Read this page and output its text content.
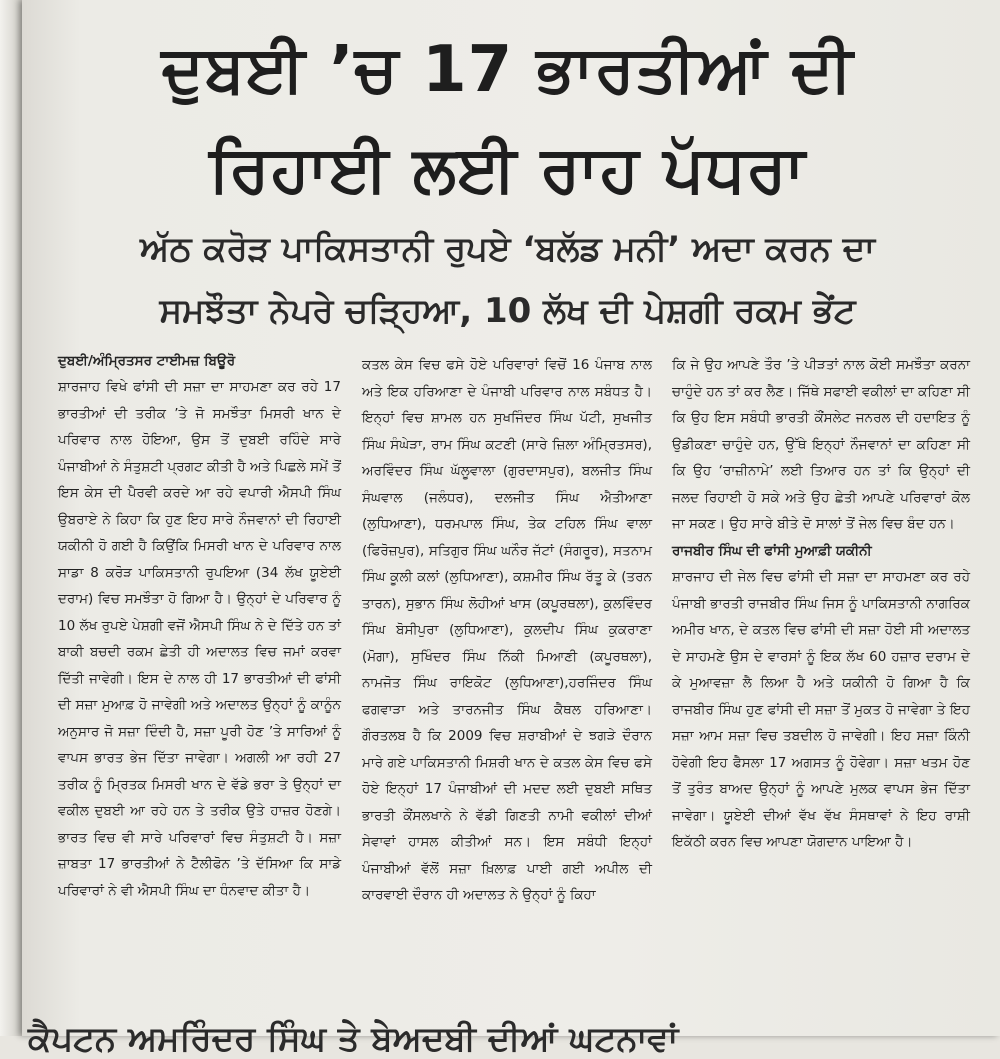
ਦੁਬਈ ’ਚ 17 ਭਾਰਤੀਆਂ ਦੀ
ਰਿਹਾਈ ਲਈ ਰਾਹ ਪੱਧਰਾ
ਅੱਠ ਕਰੋੜ ਪਾਕਿਸਤਾਨੀ ਰੁਪਏ ‘ਬਲੱਡ ਮਨੀ’ ਅਦਾ ਕਰਨ ਦਾ
ਸਮਝੌਤਾ ਨੇਪਰੇ ਚੜ੍ਹਿਆ, 10 ਲੱਖ ਦੀ ਪੇਸ਼ਗੀ ਰਕਮ ਭੇਂਟ
ਦੁਬਈ/ਅੰਮ੍ਰਿਤਸਰ ਟਾਈਮਜ਼ ਬਿਊਰੋ

ਸ਼ਾਰਜਾਹ ਵਿਖੇ ਫਾਂਸੀ ਦੀ ਸਜ਼ਾ ਦਾ ਸਾਹਮਣਾ ਕਰ ਰਹੇ 17 ਭਾਰਤੀਆਂ ਦੀ ਤਰੀਕ ’ਤੇ ਜੋ ਸਮਝੌਤਾ ਮਿਸਰੀ ਖਾਨ ਦੇ ਪਰਿਵਾਰ ਨਾਲ ਹੋਇਆ, ਉਸ ਤੋਂ ਦੁਬਈ ਰਹਿੰਦੇ ਸਾਰੇ ਪੰਜਾਬੀਆਂ ਨੇ ਸੰਤੁਸ਼ਟੀ ਪ੍ਰਗਟ ਕੀਤੀ ਹੈ ਅਤੇ ਪਿਛਲੇ ਸਮੇਂ ਤੋਂ ਇਸ ਕੇਸ ਦੀ ਪੈਰਵੀ ਕਰਦੇ ਆ ਰਹੇ ਵਪਾਰੀ ਐਸਪੀ ਸਿੰਘ ਉਬਰਾਏ ਨੇ ਕਿਹਾ ਕਿ ਹੁਣ ਇਹ ਸਾਰੇ ਨੌਜਵਾਨਾਂ ਦੀ ਰਿਹਾਈ ਯਕੀਨੀ ਹੋ ਗਈ ਹੈ ਕਿਉਂਕਿ ਮਿਸਰੀ ਖਾਨ ਦੇ ਪਰਿਵਾਰ ਨਾਲ ਸਾਡਾ 8 ਕਰੋੜ ਪਾਕਿਸਤਾਨੀ ਰੁਪਇਆ (34 ਲੱਖ ਯੂਏਈ ਦਰਾਮ) ਵਿਚ ਸਮਝੌਤਾ ਹੋ ਗਿਆ ਹੈ। ਉਨ੍ਹਾਂ ਦੇ ਪਰਿਵਾਰ ਨੂੰ 10 ਲੱਖ ਰੁਪਏ ਪੇਸ਼ਗੀ ਵਜੋਂ ਐਸਪੀ ਸਿੰਘ ਨੇ ਦੇ ਦਿੱਤੇ ਹਨ ਤਾਂ ਬਾਕੀ ਬਚਦੀ ਰਕਮ ਛੇਤੀ ਹੀ ਅਦਾਲਤ ਵਿਚ ਜਮਾਂ ਕਰਵਾ ਦਿੱਤੀ ਜਾਵੇਗੀ। ਇਸ ਦੇ ਨਾਲ ਹੀ 17 ਭਾਰਤੀਆਂ ਦੀ ਫਾਂਸੀ ਦੀ ਸਜ਼ਾ ਮੁਆਫ਼ ਹੋ ਜਾਵੇਗੀ ਅਤੇ ਅਦਾਲਤ ਉਨ੍ਹਾਂ ਨੂੰ ਕਾਨੂੰਨ ਅਨੁਸਾਰ ਜੋ ਸਜ਼ਾ ਦਿੰਦੀ ਹੈ, ਸਜ਼ਾ ਪੂਰੀ ਹੋਣ ’ਤੇ ਸਾਰਿਆਂ ਨੂੰ ਵਾਪਸ ਭਾਰਤ ਭੇਜ ਦਿੱਤਾ ਜਾਵੇਗਾ। ਅਗਲੀ ਆ ਰਹੀ 27 ਤਰੀਕ ਨੂੰ ਮ੍ਰਿਤਕ ਮਿਸਰੀ ਖਾਨ ਦੇ ਵੱਡੇ ਭਰਾ ਤੇ ਉਨ੍ਹਾਂ ਦਾ ਵਕੀਲ ਦੁਬਈ ਆ ਰਹੇ ਹਨ ਤੇ ਤਰੀਕ ਉਤੇ ਹਾਜ਼ਰ ਹੋਣਗੇ। ਭਾਰਤ ਵਿਚ ਵੀ ਸਾਰੇ ਪਰਿਵਾਰਾਂ ਵਿਚ ਸੰਤੁਸ਼ਟੀ ਹੈ। ਸਜ਼ਾ ਜ਼ਾਬਤਾ 17 ਭਾਰਤੀਆਂ ਨੇ ਟੈਲੀਫੋਨ ’ਤੇ ਦੱਸਿਆ ਕਿ ਸਾਡੇ ਪਰਿਵਾਰਾਂ ਨੇ ਵੀ ਐਸਪੀ ਸਿੰਘ ਦਾ ਧੰਨਵਾਦ ਕੀਤਾ ਹੈ।

ਕਤਲ ਕੇਸ ਵਿਚ ਫਸੇ ਹੋਏ ਪਰਿਵਾਰਾਂ ਵਿਚੋਂ 16 ਪੰਜਾਬ ਨਾਲ ਅਤੇ ਇਕ ਹਰਿਆਣਾ ਦੇ ਪੰਜਾਬੀ ਪਰਿਵਾਰ ਨਾਲ ਸਬੰਧਤ ਹੈ। ਇਨ੍ਹਾਂ ਵਿਚ ਸ਼ਾਮਲ ਹਨ ਸੁਖਜਿੰਦਰ ਸਿੰਘ ਪੱਟੀ, ਸੁਖਜੀਤ ਸਿੰਘ ਸੰਘੇੜਾ, ਰਾਮ ਸਿੰਘ ਕਟਣੀ (ਸਾਰੇ ਜ਼ਿਲਾ ਅੰਮ੍ਰਿਤਸਰ), ਅਰਵਿੰਦਰ ਸਿੰਘ ਘੱਲੂਵਾਲਾ (ਗੁਰਦਾਸਪੁਰ), ਬਲਜੀਤ ਸਿੰਘ ਸੰਘਵਾਲ (ਜਲੰਧਰ), ਦਲਜੀਤ ਸਿੰਘ ਐਤੀਆਣਾ (ਲੁਧਿਆਣਾ), ਧਰਮਪਾਲ ਸਿੰਘ, ਤੇਕ ਟਹਿਲ ਸਿੰਘ ਵਾਲਾ (ਫਿਰੋਜ਼ਪੁਰ), ਸਤਿਗੁਰ ਸਿੰਘ ਘਨੌਰ ਜੱਟਾਂ (ਸੰਗਰੂਰ), ਸਤਨਾਮ ਸਿੰਘ ਕੂਲੀ ਕਲਾਂ (ਲੁਧਿਆਣਾ), ਕਸ਼ਮੀਰ ਸਿੰਘ ਰੱਤੂ ਕੇ (ਤਰਨ ਤਾਰਨ), ਸੁਭਾਨ ਸਿੰਘ ਲੋਹੀਆਂ ਖਾਸ (ਕਪੂਰਥਲਾ), ਕੁਲਵਿੰਦਰ ਸਿੰਘ ਬੋਸੀਪੁਰਾ (ਲੁਧਿਆਣਾ), ਕੁਲਦੀਪ ਸਿੰਘ ਕੁਕਰਾਣਾ (ਮੋਗਾ), ਸੁਖਿੰਦਰ ਸਿੰਘ ਨਿੱਕੀ ਮਿਆਣੀ (ਕਪੂਰਥਲਾ), ਨਾਮਜੋਤ ਸਿੰਘ ਰਾਇਕੋਟ (ਲੁਧਿਆਣਾ),ਹਰਜਿੰਦਰ ਸਿੰਘ ਫਗਵਾੜਾ ਅਤੇ ਤਾਰਨਜੀਤ ਸਿੰਘ ਕੈਥਲ ਹਰਿਆਣਾ। ਗੌਰਤਲਬ ਹੈ ਕਿ 2009 ਵਿਚ ਸ਼ਰਾਬੀਆਂ ਦੇ ਝਗੜੇ ਦੌਰਾਨ ਮਾਰੇ ਗਏ ਪਾਕਿਸਤਾਨੀ ਮਿਸ਼ਰੀ ਖਾਨ ਦੇ ਕਤਲ ਕੇਸ ਵਿਚ ਫਸੇ ਹੋਏ ਇਨ੍ਹਾਂ 17 ਪੰਜਾਬੀਆਂ ਦੀ ਮਦਦ ਲਈ ਦੁਬਈ ਸਥਿਤ ਭਾਰਤੀ ਕੌਂਸਲਖਾਨੇ ਨੇ ਵੱਡੀ ਗਿਣਤੀ ਨਾਮੀ ਵਕੀਲਾਂ ਦੀਆਂ ਸੇਵਾਵਾਂ ਹਾਸਲ ਕੀਤੀਆਂ ਸਨ। ਇਸ ਸਬੰਧੀ ਇਨ੍ਹਾਂ ਪੰਜਾਬੀਆਂ ਵੱਲੋਂ ਸਜ਼ਾ ਖ਼ਿਲਾਫ਼ ਪਾਈ ਗਈ ਅਪੀਲ ਦੀ ਕਾਰਵਾਈ ਦੌਰਾਨ ਹੀ ਅਦਾਲਤ ਨੇ ਉਨ੍ਹਾਂ ਨੂੰ ਕਿਹਾ

ਕਿ ਜੇ ਉਹ ਆਪਣੇ ਤੌਰ ’ਤੇ ਪੀੜਤਾਂ ਨਾਲ ਕੋਈ ਸਮਝੌਤਾ ਕਰਨਾ ਚਾਹੁੰਦੇ ਹਨ ਤਾਂ ਕਰ ਲੈਣ। ਜਿੱਥੇ ਸਫਾਈ ਵਕੀਲਾਂ ਦਾ ਕਹਿਣਾ ਸੀ ਕਿ ਉਹ ਇਸ ਸਬੰਧੀ ਭਾਰਤੀ ਕੌਂਸਲੇਟ ਜਨਰਲ ਦੀ ਹਦਾਇਤ ਨੂੰ ਉਡੀਕਣਾ ਚਾਹੁੰਦੇ ਹਨ, ਉੱਥੇ ਇਨ੍ਹਾਂ ਨੌਜਵਾਨਾਂ ਦਾ ਕਹਿਣਾ ਸੀ ਕਿ ਉਹ ‘ਰਾਜ਼ੀਨਾਮੇ’ ਲਈ ਤਿਆਰ ਹਨ ਤਾਂ ਕਿ ਉਨ੍ਹਾਂ ਦੀ ਜਲਦ ਰਿਹਾਈ ਹੋ ਸਕੇ ਅਤੇ ਉਹ ਛੇਤੀ ਆਪਣੇ ਪਰਿਵਾਰਾਂ ਕੋਲ ਜਾ ਸਕਣ। ਉਹ ਸਾਰੇ ਬੀਤੇ ਦੋ ਸਾਲਾਂ ਤੋਂ ਜੇਲ ਵਿਚ ਬੰਦ ਹਨ।

ਰਾਜਬੀਰ ਸਿੰਘ ਦੀ ਫਾਂਸੀ ਮੁਆਫ਼ੀ ਯਕੀਨੀ

ਸ਼ਾਰਜਾਹ ਦੀ ਜੇਲ ਵਿਚ ਫਾਂਸੀ ਦੀ ਸਜ਼ਾ ਦਾ ਸਾਹਮਣਾ ਕਰ ਰਹੇ ਪੰਜਾਬੀ ਭਾਰਤੀ ਰਾਜਬੀਰ ਸਿੰਘ ਜਿਸ ਨੂੰ ਪਾਕਿਸਤਾਨੀ ਨਾਗਰਿਕ ਅਮੀਰ ਖਾਨ, ਦੇ ਕਤਲ ਵਿਚ ਫਾਂਸੀ ਦੀ ਸਜ਼ਾ ਹੋਈ ਸੀ ਅਦਾਲਤ ਦੇ ਸਾਹਮਣੇ ਉਸ ਦੇ ਵਾਰਸਾਂ ਨੂੰ ਇਕ ਲੱਖ 60 ਹਜ਼ਾਰ ਦਰਾਮ ਦੇ ਕੇ ਮੁਆਵਜ਼ਾ ਲੈ ਲਿਆ ਹੈ ਅਤੇ ਯਕੀਨੀ ਹੋ ਗਿਆ ਹੈ ਕਿ ਰਾਜਬੀਰ ਸਿੰਘ ਹੁਣ ਫਾਂਸੀ ਦੀ ਸਜ਼ਾ ਤੋਂ ਮੁਕਤ ਹੋ ਜਾਵੇਗਾ ਤੇ ਇਹ ਸਜ਼ਾ ਆਮ ਸਜ਼ਾ ਵਿਚ ਤਬਦੀਲ ਹੋ ਜਾਵੇਗੀ। ਇਹ ਸਜ਼ਾ ਕਿੰਨੀ ਹੋਵੇਗੀ ਇਹ ਫੈਸਲਾ 17 ਅਗਸਤ ਨੂੰ ਹੋਵੇਗਾ। ਸਜ਼ਾ ਖਤਮ ਹੋਣ ਤੋਂ ਤੁਰੰਤ ਬਾਅਦ ਉਨ੍ਹਾਂ ਨੂੰ ਆਪਣੇ ਮੁਲਕ ਵਾਪਸ ਭੇਜ ਦਿੱਤਾ ਜਾਵੇਗਾ। ਯੂਏਈ ਦੀਆਂ ਵੱਖ ਵੱਖ ਸੰਸਥਾਵਾਂ ਨੇ ਇਹ ਰਾਸ਼ੀ ਇਕੱਠੀ ਕਰਨ ਵਿਚ ਆਪਣਾ ਯੋਗਦਾਨ ਪਾਇਆ ਹੈ।

ਕੈਪਟਨ ਅਮਰਿੰਦਰ ਸਿੰਘ ਤੇ ਬੇਅਦਬੀ ਦੀਆਂ ਘਟਨਾਵਾਂ
